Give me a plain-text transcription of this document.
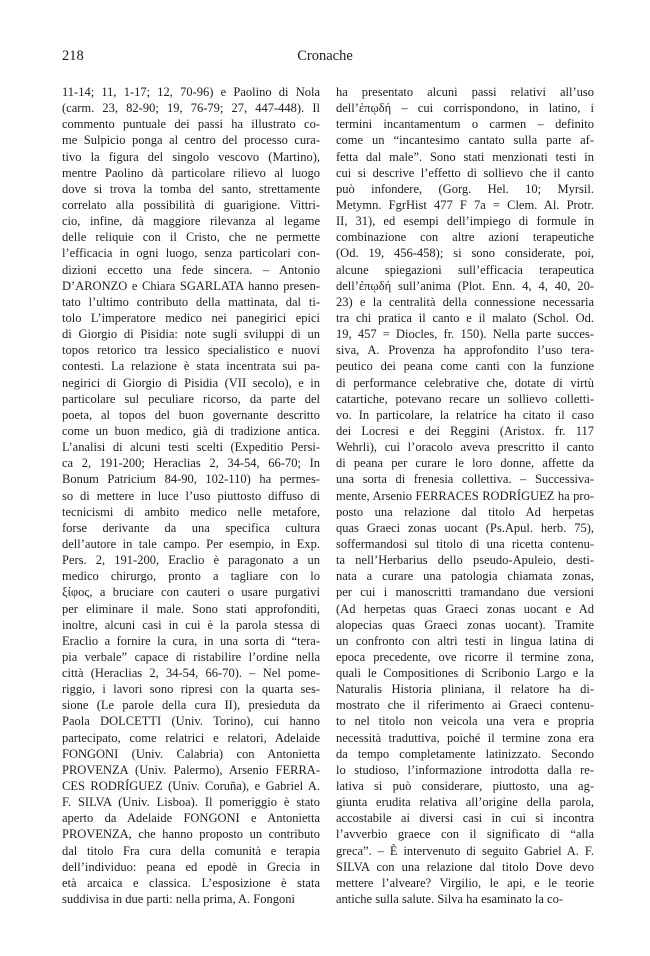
218	Cronache
11-14; 11, 1-17; 12, 70-96) e Paolino di Nola
(carm. 23, 82-90; 19, 76-79; 27, 447-448). Il
commento puntuale dei passi ha illustrato co-
me Sulpicio ponga al centro del processo cura-
tivo la figura del singolo vescovo (Martino),
mentre Paolino dà particolare rilievo al luogo
dove si trova la tomba del santo, strettamente
correlato alla possibilità di guarigione. Vittri-
cio, infine, dà maggiore rilevanza al legame
delle reliquie con il Cristo, che ne permette
l’efficacia in ogni luogo, senza particolari con-
dizioni eccetto una fede sincera. – Antonio
D’ARONZO e Chiara SGARLATA hanno presen-
tato l’ultimo contributo della mattinata, dal ti-
tolo L’imperatore medico nei panegirici epici
di Giorgio di Pisidia: note sugli sviluppi di un
topos retorico tra lessico specialistico e nuovi
contesti. La relazione è stata incentrata sui pa-
negirici di Giorgio di Pisidia (VII secolo), e in
particolare sul peculiare ricorso, da parte del
poeta, al topos del buon governante descritto
come un buon medico, già di tradizione antica.
L’analisi di alcuni testi scelti (Expeditio Persi-
ca 2, 191-200; Heraclias 2, 34-54, 66-70; In
Bonum Patricium 84-90, 102-110) ha permes-
so di mettere in luce l’uso piuttosto diffuso di
tecnicismi di ambito medico nelle metafore,
forse derivante da una specifica cultura
dell’autore in tale campo. Per esempio, in Exp.
Pers. 2, 191-200, Eraclio è paragonato a un
medico chirurgo, pronto a tagliare con lo
ξίφος, a bruciare con cauteri o usare purgativi
per eliminare il male. Sono stati approfonditi,
inoltre, alcuni casi in cui è la parola stessa di
Eraclio a fornire la cura, in una sorta di “tera-
pia verbale” capace di ristabilire l’ordine nella
città (Heraclias 2, 34-54, 66-70). – Nel pome-
riggio, i lavori sono ripresi con la quarta ses-
sione (Le parole della cura II), presieduta da
Paola DOLCETTI (Univ. Torino), cui hanno
partecipato, come relatrici e relatori, Adelaide
FONGONI (Univ. Calabria) con Antonietta
PROVENZA (Univ. Palermo), Arsenio FERRA-
CES RODRÍGUEZ (Univ. Coruña), e Gabriel A.
F. SILVA (Univ. Lisboa). Il pomeriggio è stato
aperto da Adelaide FONGONI e Antonietta
PROVENZA, che hanno proposto un contributo
dal titolo Fra cura della comunità e terapia
dell’individuo: peana ed epodè in Grecia in
età arcaica e classica. L’esposizione è stata
suddivisa in due parti: nella prima, A. Fongoni
ha presentato alcuni passi relativi all’uso
dell’ἐπῳδή – cui corrispondono, in latino, i
termini incantamentum o carmen – definito
come un “incantesimo cantato sulla parte af-
fetta dal male”. Sono stati menzionati testi in
cui si descrive l’effetto di sollievo che il canto
può infondere, (Gorg. Hel. 10; Myrsil.
Metymn. FgrHist 477 F 7a = Clem. Al. Protr.
II, 31), ed esempi dell’impiego di formule in
combinazione con altre azioni terapeutiche
(Od. 19, 456-458); si sono considerate, poi,
alcune spiegazioni sull’efficacia terapeutica
dell’ἐπῳδή sull’anima (Plot. Enn. 4, 4, 40, 20-
23) e la centralità della connessione necessaria
tra chi pratica il canto e il malato (Schol. Od.
19, 457 = Diocles, fr. 150). Nella parte succes-
siva, A. Provenza ha approfondito l’uso tera-
peutico dei peana come canti con la funzione
di performance celebrative che, dotate di virtù
catartiche, potevano recare un sollievo colletti-
vo. In particolare, la relatrice ha citato il caso
dei Locresi e dei Reggini (Aristox. fr. 117
Wehrli), cui l’oracolo aveva prescritto il canto
di peana per curare le loro donne, affette da
una sorta di frenesia collettiva. – Successiva-
mente, Arsenio FERRACES RODRÍGUEZ ha pro-
posto una relazione dal titolo Ad herpetas
quas Graeci zonas uocant (Ps.Apul. herb. 75),
soffermandosi sul titolo di una ricetta contenu-
ta nell’Herbarius dello pseudo-Apuleio, desti-
nata a curare una patologia chiamata zonas,
per cui i manoscritti tramandano due versioni
(Ad herpetas quas Graeci zonas uocant e Ad
alopecias quas Graeci zonas uocant). Tramite
un confronto con altri testi in lingua latina di
epoca precedente, ove ricorre il termine zona,
quali le Compositiones di Scribonio Largo e la
Naturalis Historia pliniana, il relatore ha di-
mostrato che il riferimento ai Graeci contenu-
to nel titolo non veicola una vera e propria
necessità traduttiva, poiché il termine zona era
da tempo completamente latinizzato. Secondo
lo studioso, l’informazione introdotta dalla re-
lativa si può considerare, piuttosto, una ag-
giunta erudita relativa all’origine della parola,
accostabile ai diversi casi in cui si incontra
l’avverbio graece con il significato di “alla
greca”. – È intervenuto di seguito Gabriel A. F.
SILVA con una relazione dal titolo Dove devo
mettere l’alveare? Virgilio, le api, e le teorie
antiche sulla salute. Silva ha esaminato la co-
